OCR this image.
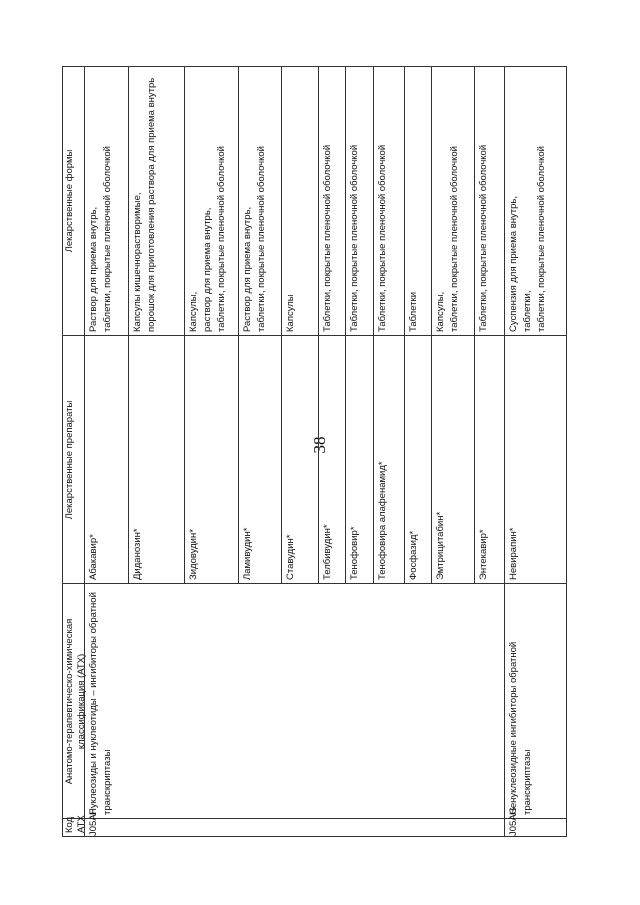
38
Код АТХ
Анатомо-терапевтическо-химическая классификация (АТХ)
Лекарственные препараты
Лекарственные формы
Абакавир*
Раствор для приема внутрь,
таблетки, покрытые пленочной оболочкой
Диданозин*
Капсулы кишечнорастворимые,
порошок для приготовления раствора для приема внутрь
Зидовудин*
Капсулы,
раствор для приема внутрь,
таблетки, покрытые пленочной оболочкой
Ламивудин*
Раствор для приема внутрь,
таблетки, покрытые пленочной оболочкой
Ставудин*
Капсулы
Телбивудин*
Таблетки, покрытые пленочной оболочкой
Тенофовир*
Таблетки, покрытые пленочной оболочкой
Тенофовира алафенамид*
Таблетки, покрытые пленочной оболочкой
Фосфазид*
Таблетки
Эмтрицитабин*
Капсулы,
таблетки, покрытые пленочной оболочкой
Энтекавир*
Таблетки, покрытые пленочной оболочкой
J05AF
Нуклеозиды и нуклеотиды – ингибиторы обратной транскриптазы
Невирапин*
Суспензия для приема внутрь,
таблетки,
таблетки, покрытые пленочной оболочкой
J05AG
Ненуклеозидные ингибиторы обратной транскриптазы
